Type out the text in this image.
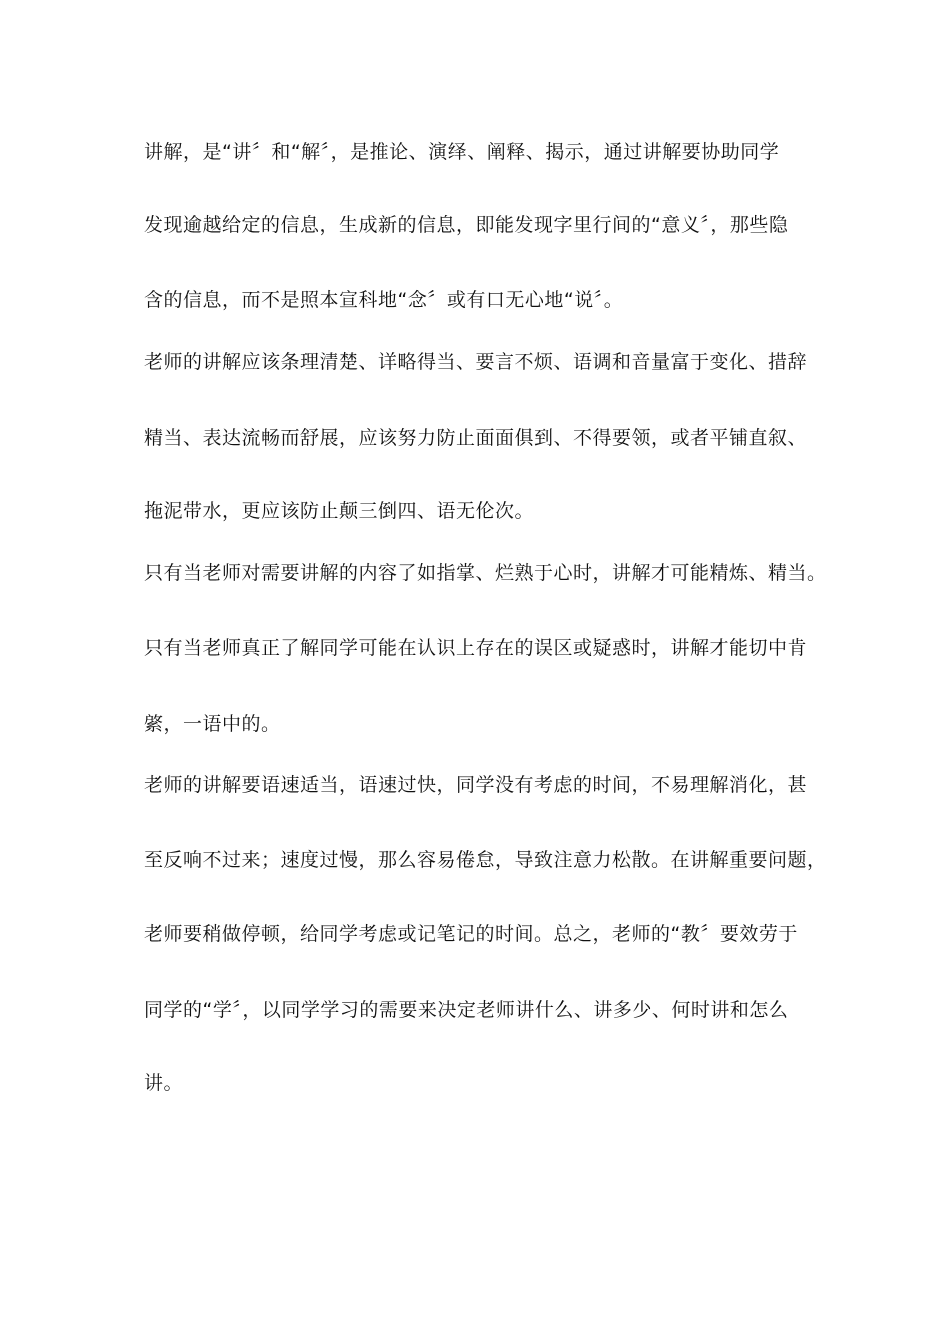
讲解，是“讲〞和“解〞，是推论、演绎、阐释、揭示，通过讲解要协助同学
发现逾越给定的信息，生成新的信息，即能发现字里行间的“意义〞，那些隐
含的信息，而不是照本宣科地“念〞或有口无心地“说〞。
老师的讲解应该条理清楚、详略得当、要言不烦、语调和音量富于变化、措辞
精当、表达流畅而舒展，应该努力防止面面俱到、不得要领，或者平铺直叙、
拖泥带水，更应该防止颠三倒四、语无伦次。
只有当老师对需要讲解的内容了如指掌、烂熟于心时，讲解才可能精炼、精当。
只有当老师真正了解同学可能在认识上存在的误区或疑惑时，讲解才能切中肯
綮，一语中的。
老师的讲解要语速适当，语速过快，同学没有考虑的时间，不易理解消化，甚
至反响不过来；速度过慢，那么容易倦怠，导致注意力松散。在讲解重要问题，
老师要稍做停顿，给同学考虑或记笔记的时间。总之，老师的“教〞要效劳于
同学的“学〞，以同学学习的需要来决定老师讲什么、讲多少、何时讲和怎么
讲。
